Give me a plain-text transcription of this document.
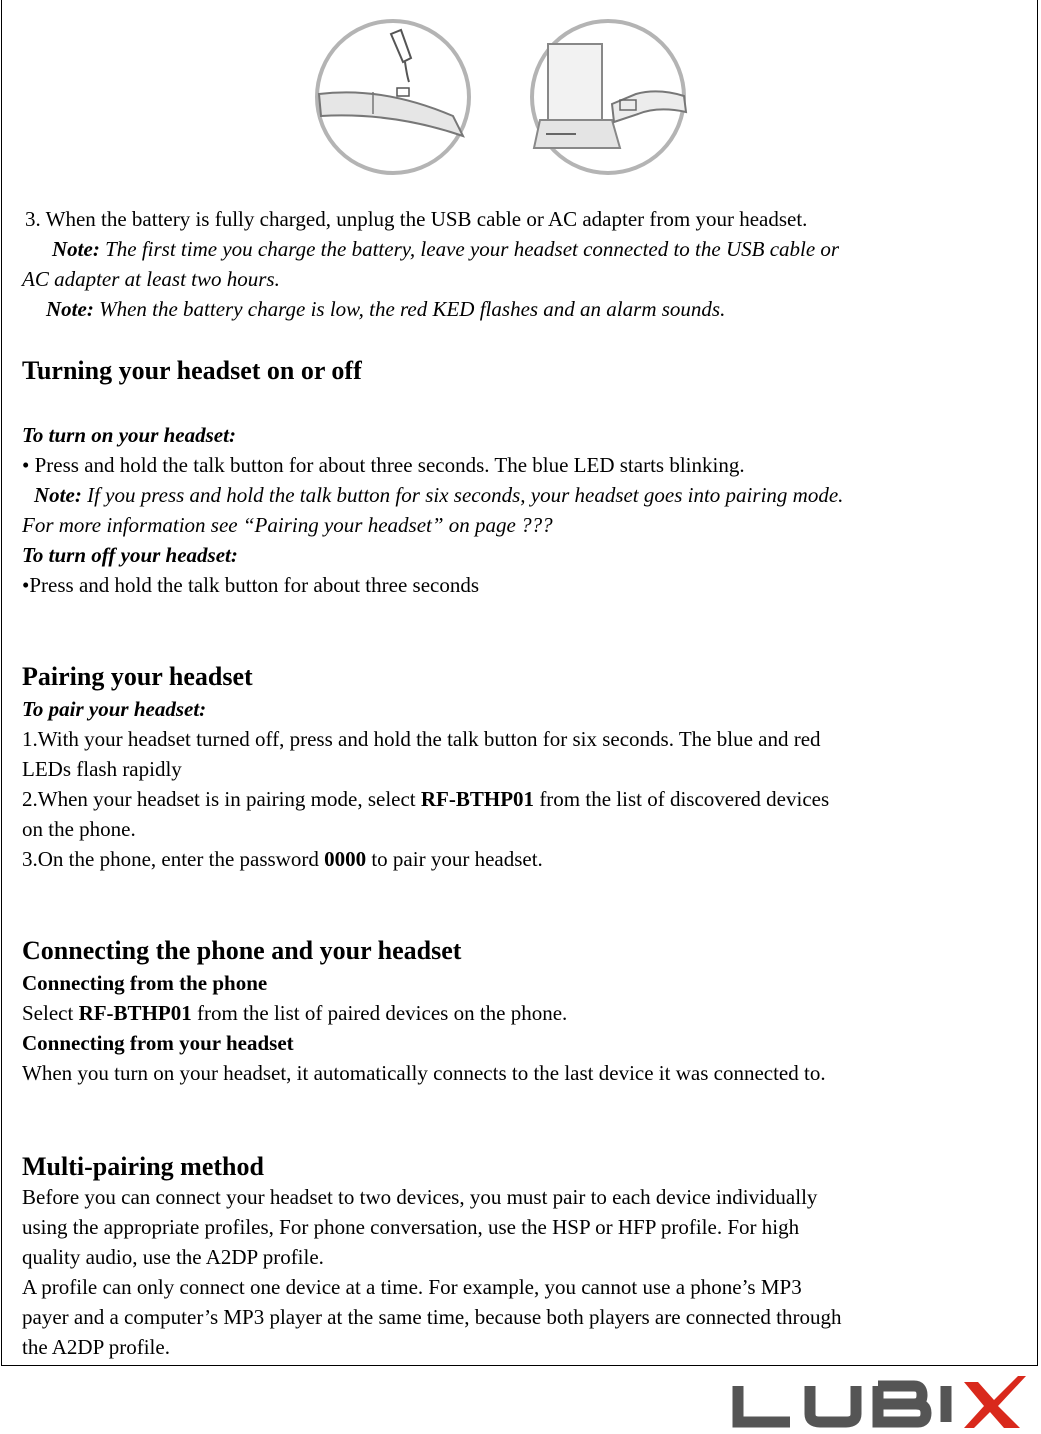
3. When the battery is fully charged, unplug the USB cable or AC adapter from your headset.
Note: The first time you charge the battery, leave your headset connected to the USB cable or
AC adapter at least two hours.
Note: When the battery charge is low, the red KED flashes and an alarm sounds.
Turning your headset on or off
To turn on your headset:
• Press and hold the talk button for about three seconds. The blue LED starts blinking.
Note: If you press and hold the talk button for six seconds, your headset goes into pairing mode.
For more information see “Pairing your headset” on page ???
To turn off your headset:
•Press and hold the talk button for about three seconds
Pairing your headset
To pair your headset:
1.With your headset turned off, press and hold the talk button for six seconds. The blue and red
LEDs flash rapidly
2.When your headset is in pairing mode, select RF-BTHP01 from the list of discovered devices
on the phone.
3.On the phone, enter the password 0000 to pair your headset.
Connecting the phone and your headset
Connecting from the phone
Select RF-BTHP01 from the list of paired devices on the phone.
Connecting from your headset
When you turn on your headset, it automatically connects to the last device it was connected to.
Multi-pairing method
Before you can connect your headset to two devices, you must pair to each device individually
using the appropriate profiles, For phone conversation, use the HSP or HFP profile. For high
quality audio, use the A2DP profile.
A profile can only connect one device at a time. For example, you cannot use a phone’s MP3
payer and a computer’s MP3 player at the same time, because both players are connected through
the A2DP profile.
